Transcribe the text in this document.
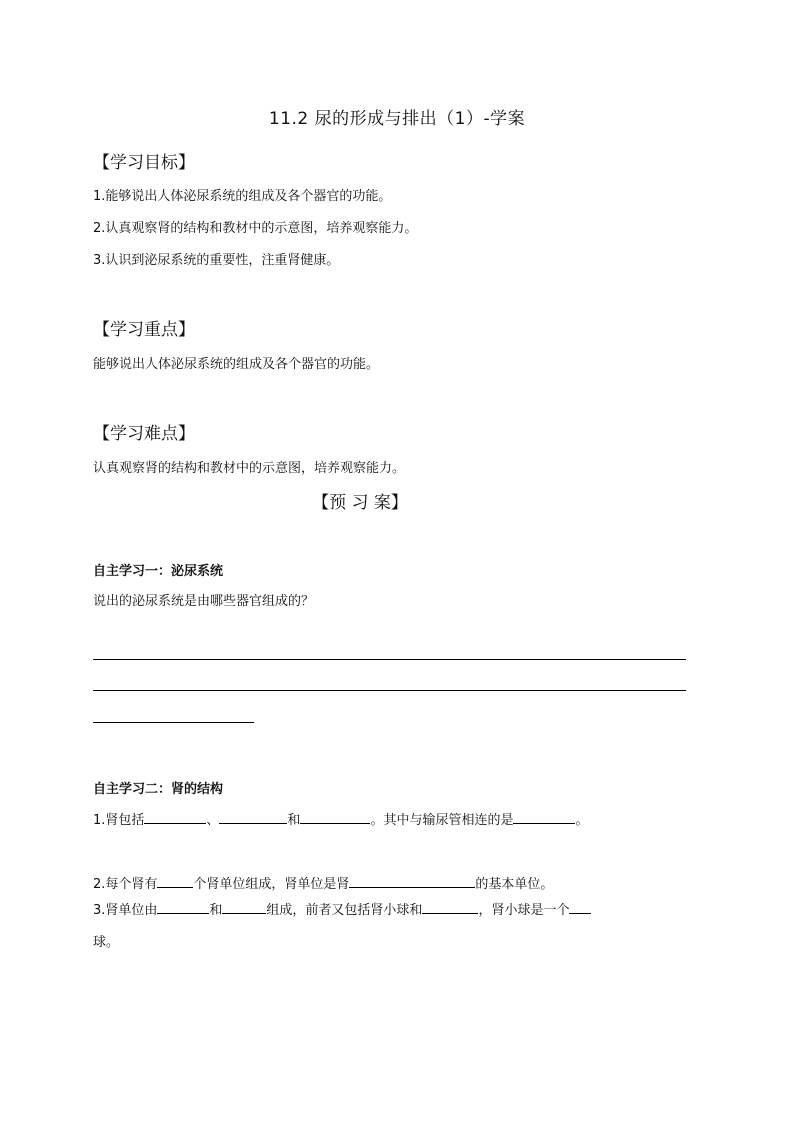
11.2 尿的形成与排出（1）-学案
【学习目标】
1.能够说出人体泌尿系统的组成及各个器官的功能。
2.认真观察肾的结构和教材中的示意图，培养观察能力。
3.认识到泌尿系统的重要性，注重肾健康。
【学习重点】
能够说出人体泌尿系统的组成及各个器官的功能。
【学习难点】
认真观察肾的结构和教材中的示意图，培养观察能力。
【预 习 案】
自主学习一：泌尿系统
说出的泌尿系统是由哪些器官组成的？
自主学习二：肾的结构
1.肾包括	、	和	。其中与输尿管相连的是	。
2.每个肾有	个肾单位组成，肾单位是肾	的基本单位。
3.肾单位由	和	组成，前者又包括肾小球和	，肾小球是一个
球。
